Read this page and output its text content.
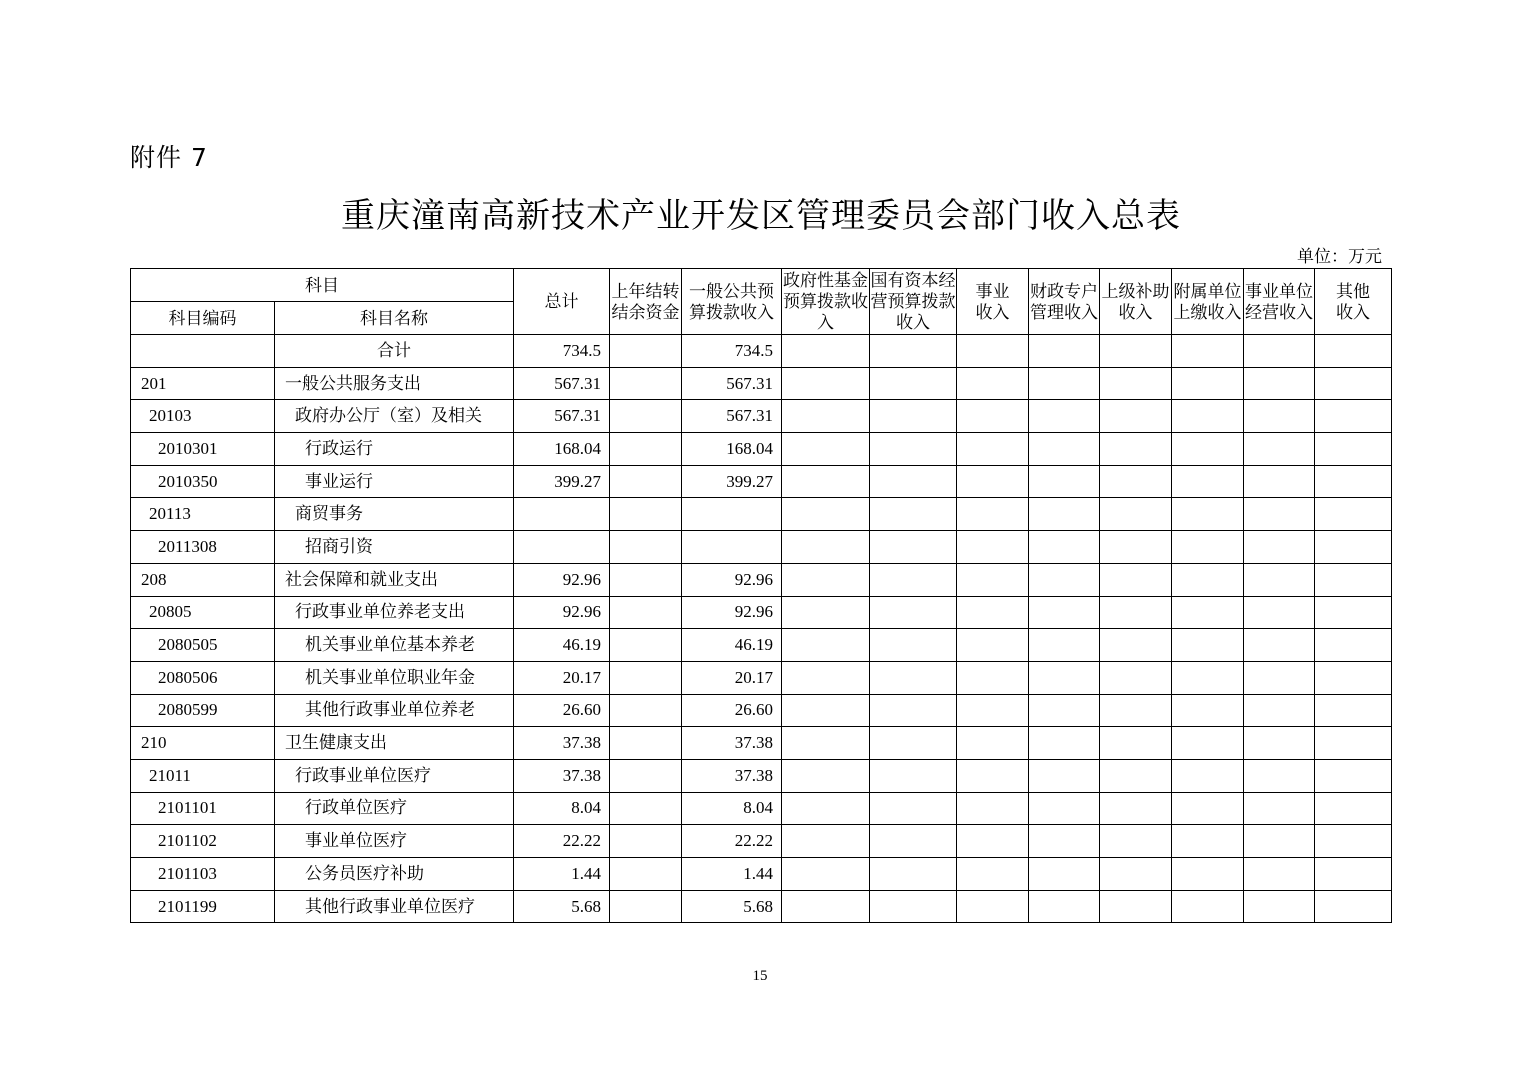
附件 7
重庆潼南高新技术产业开发区管理委员会部门收入总表
单位：万元
科目		总计	上年结转结余资金	一般公共预算拨款收入	政府性基金预算拨款收入	国有资本经营预算拨款收入	事业收入	财政专户管理收入	上级补助收入	附属单位上缴收入	事业单位经营收入	其他收入
科目编码	科目名称											
	合计	734.5		734.5								
201	一般公共服务支出	567.31		567.31								
20103	政府办公厅（室）及相关	567.31		567.31								
2010301	行政运行	168.04		168.04								
2010350	事业运行	399.27		399.27								
20113	商贸事务											
2011308	招商引资											
208	社会保障和就业支出	92.96		92.96								
20805	行政事业单位养老支出	92.96		92.96								
2080505	机关事业单位基本养老	46.19		46.19								
2080506	机关事业单位职业年金	20.17		20.17								
2080599	其他行政事业单位养老	26.60		26.60								
210	卫生健康支出	37.38		37.38								
21011	行政事业单位医疗	37.38		37.38								
2101101	行政单位医疗	8.04		8.04								
2101102	事业单位医疗	22.22		22.22								
2101103	公务员医疗补助	1.44		1.44								
2101199	其他行政事业单位医疗	5.68		5.68								
15
